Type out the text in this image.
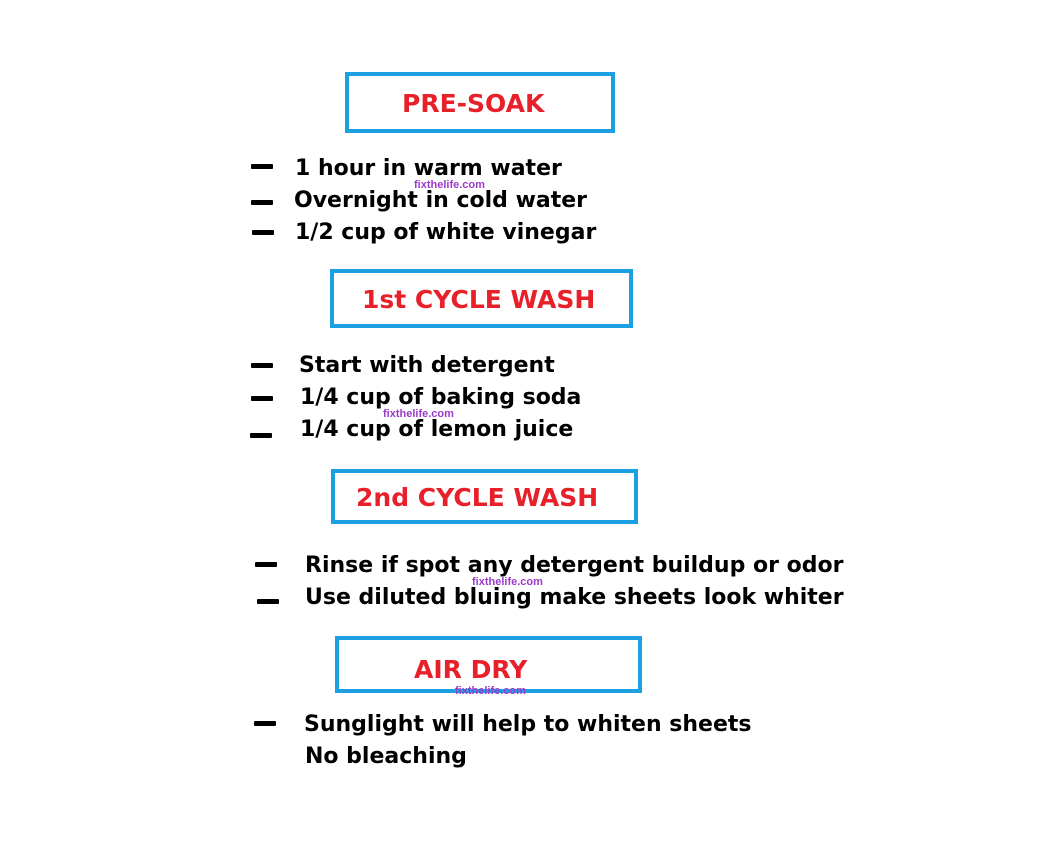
PRE-SOAK
1 hour in warm water
Overnight in cold water
1/2 cup of white vinegar
fixthelife.com
1st CYCLE WASH
Start with detergent
1/4 cup of baking soda
1/4 cup of lemon juice
fixthelife.com
2nd CYCLE WASH
Rinse if spot any detergent buildup or odor
Use diluted bluing make sheets look whiter
fixthelife.com
AIR DRY
fixthelife.com
Sunglight will help to whiten sheets
No bleaching
